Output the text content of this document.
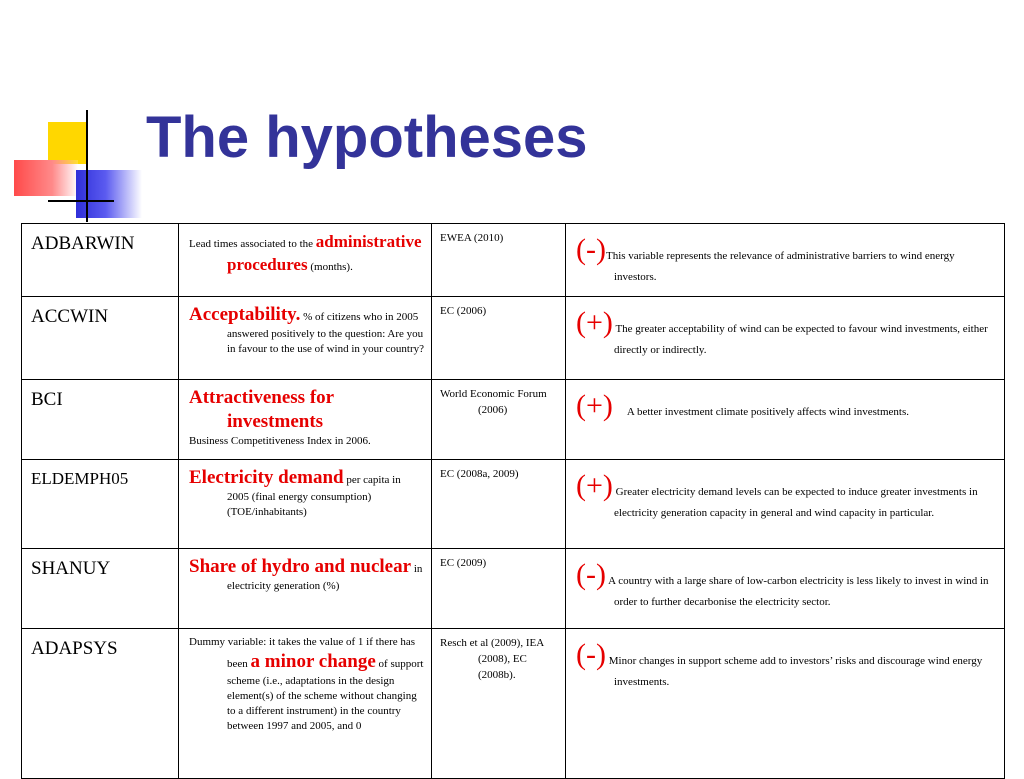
The hypotheses
ADBARWIN	Lead times associated to the administrative procedures (months).	EWEA (2010)	(-)This variable represents the relevance of administrative barriers to wind energy investors.

ACCWIN	Acceptability. % of citizens who in 2005 answered positively to the question: Are you in favour to the use of wind in your country?	EC (2006)	(+) The greater acceptability of wind can be expected to favour wind investments, either directly or indirectly.

BCI	Attractiveness for investments
Business Competitiveness Index in 2006.	World Economic Forum (2006)	(+) A better investment climate positively affects wind investments.

ELDEMPH05	Electricity demand per capita in 2005 (final energy consumption)(TOE/inhabitants)	EC (2008a, 2009)	(+) Greater electricity demand levels can be expected to induce greater investments in electricity generation capacity in general and wind capacity in particular.

SHANUY	Share of hydro and nuclear in electricity generation (%)	EC (2009)	(-) A country with a large share of low-carbon electricity is less likely to invest in wind in order to further decarbonise the electricity sector.

ADAPSYS	Dummy variable: it takes the value of 1 if there has been a minor change of support scheme (i.e., adaptations in the design element(s) of the scheme without changing to a different instrument) in the country between 1997 and 2005, and 0	Resch et al (2009), IEA (2008), EC (2008b).	(-) Minor changes in support scheme add to investors’ risks and discourage wind energy investments.
